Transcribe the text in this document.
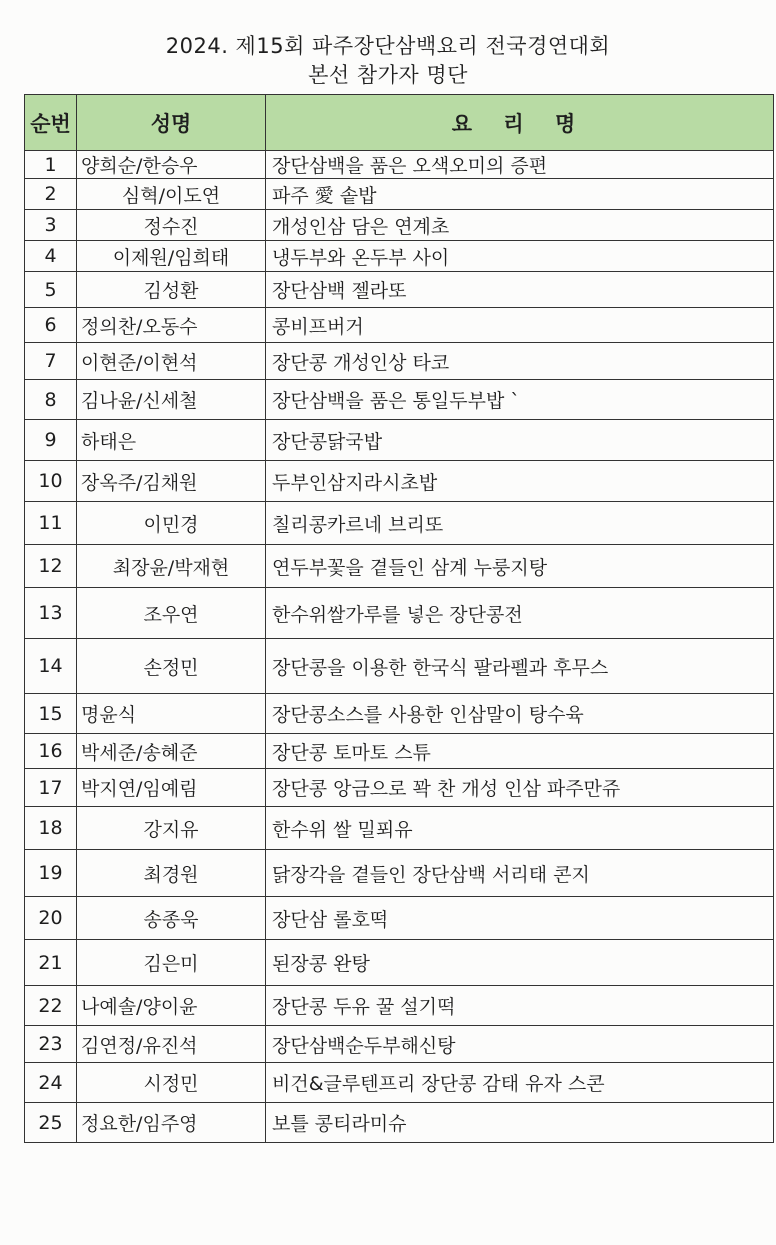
2024. 제15회 파주장단삼백요리 전국경연대회
본선 참가자 명단
순번	성명	요 리 명
1	양희순/한승우	장단삼백을 품은 오색오미의 증편
2	심혁/이도연	파주 愛 솥밥
3	정수진	개성인삼 담은 연계초
4	이제원/임희태	냉두부와 온두부 사이
5	김성환	장단삼백 젤라또
6	정의찬/오동수	콩비프버거
7	이현준/이현석	장단콩 개성인상 타코
8	김나윤/신세철	장단삼백을 품은 통일두부밥 `
9	하태은	장단콩닭국밥
10	장옥주/김채원	두부인삼지라시초밥
11	이민경	칠리콩카르네 브리또
12	최장윤/박재현	연두부꽃을 곁들인 삼계 누룽지탕
13	조우연	한수위쌀가루를 넣은 장단콩전
14	손정민	장단콩을 이용한 한국식 팔라펠과 후무스
15	명윤식	장단콩소스를 사용한 인삼말이 탕수육
16	박세준/송혜준	장단콩 토마토 스튜
17	박지연/임예림	장단콩 앙금으로 꽉 찬 개성 인삼 파주만쥬
18	강지유	한수위 쌀 밀푀유
19	최경원	닭장각을 곁들인 장단삼백 서리태 콘지
20	송종욱	장단삼 롤호떡
21	김은미	된장콩 완탕
22	나예솔/양이윤	장단콩 두유 꿀 설기떡
23	김연정/유진석	장단삼백순두부해신탕
24	시정민	비건&글루텐프리 장단콩 감태 유자 스콘
25	정요한/임주영	보틀 콩티라미슈
